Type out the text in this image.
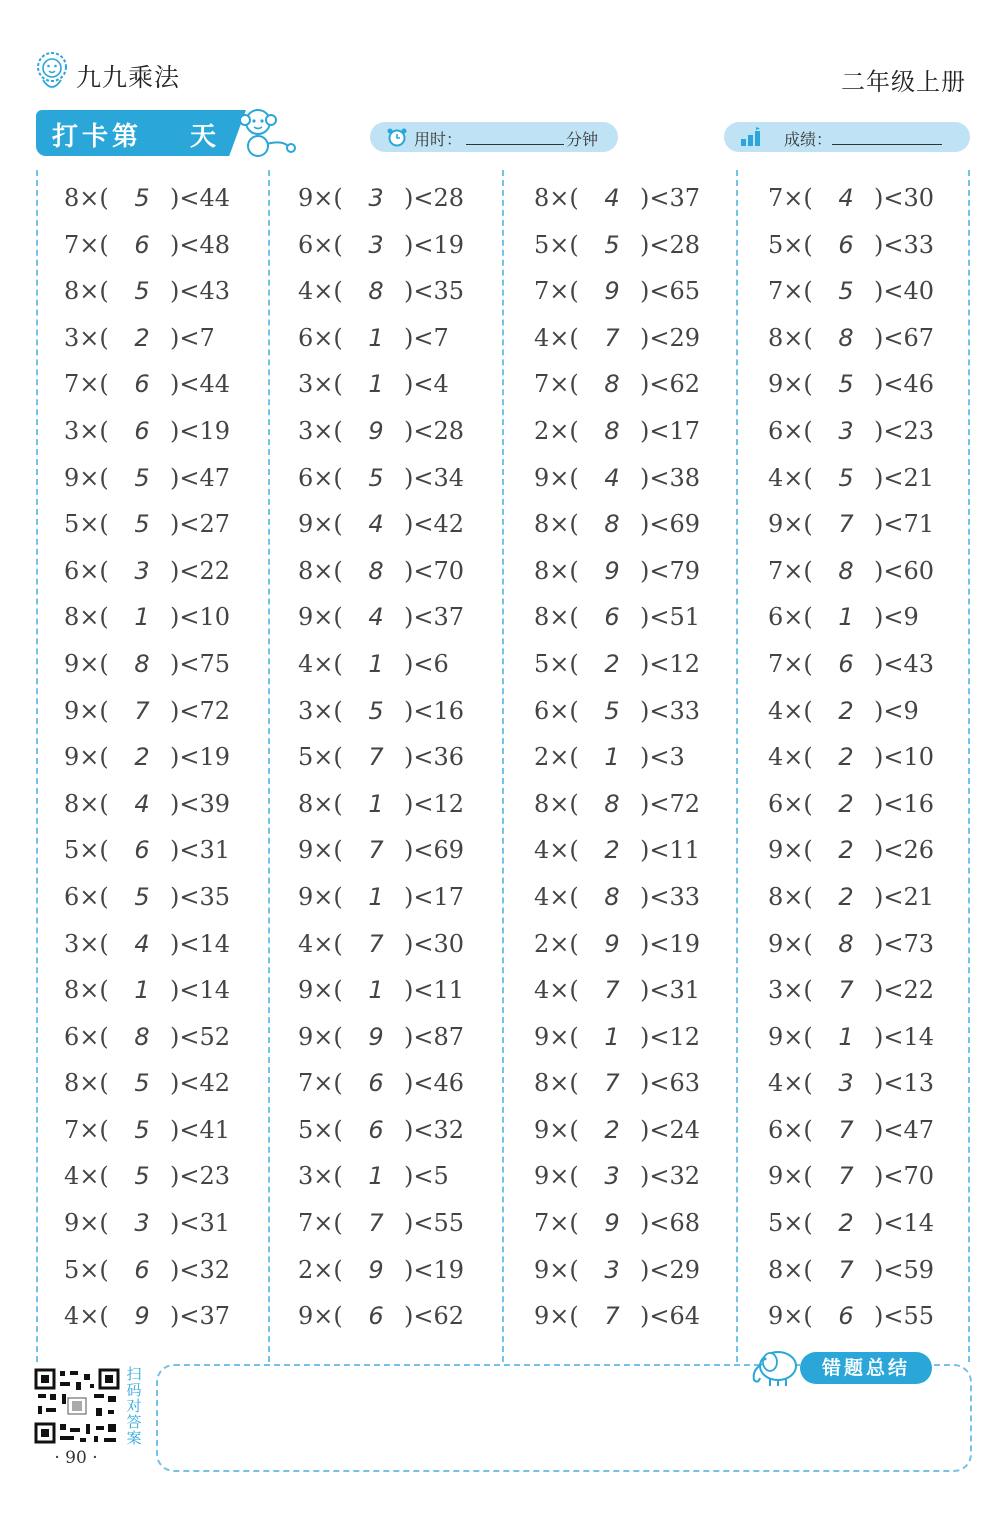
九九乘法	二年级上册
打卡第 天	用时：	分钟	成绩：
8×(	5 )<44
7×(	6 )<48
8×(	5 )<43
3×(	2 )<7
7×(	6 )<44
3×(	6 )<19
9×(	5 )<47
5×(	5 )<27
6×(	3 )<22
8×(	1 )<10
9×(	8 )<75
9×(	7 )<72
9×(	2 )<19
8×(	4 )<39
5×(	6 )<31
6×(	5 )<35
3×(	4 )<14
8×(	1 )<14
6×(	8 )<52
8×(	5 )<42
7×(	5 )<41
4×(	5 )<23
9×(	3 )<31
5×(	6 )<32
4×(	9 )<37
9×(	3 )<28
6×(	3 )<19
4×(	8 )<35
6×(	1 )<7
3×(	1 )<4
3×(	9 )<28
6×(	5 )<34
9×(	4 )<42
8×(	8 )<70
9×(	4 )<37
4×(	1 )<6
3×(	5 )<16
5×(	7 )<36
8×(	1 )<12
9×(	7 )<69
9×(	1 )<17
4×(	7 )<30
9×(	1 )<11
9×(	9 )<87
7×(	6 )<46
5×(	6 )<32
3×(	1 )<5
7×(	7 )<55
2×(	9 )<19
9×(	6 )<62
8×(	4 )<37
5×(	5 )<28
7×(	9 )<65
4×(	7 )<29
7×(	8 )<62
2×(	8 )<17
9×(	4 )<38
8×(	8 )<69
8×(	9 )<79
8×(	6 )<51
5×(	2 )<12
6×(	5 )<33
2×(	1 )<3
8×(	8 )<72
4×(	2 )<11
4×(	8 )<33
2×(	9 )<19
4×(	7 )<31
9×(	1 )<12
8×(	7 )<63
9×(	2 )<24
9×(	3 )<32
7×(	9 )<68
9×(	3 )<29
9×(	7 )<64
7×(	4 )<30
5×(	6 )<33
7×(	5 )<40
8×(	8 )<67
9×(	5 )<46
6×(	3 )<23
4×(	5 )<21
9×(	7 )<71
7×(	8 )<60
6×(	1 )<9
7×(	6 )<43
4×(	2 )<9
4×(	2 )<10
6×(	2 )<16
9×(	2 )<26
8×(	2 )<21
9×(	8 )<73
3×(	7 )<22
9×(	1 )<14
4×(	3 )<13
6×(	7 )<47
9×(	7 )<70
5×(	2 )<14
8×(	7 )<59
9×(	6 )<55
扫码对答案
· 90 ·
错题总结
